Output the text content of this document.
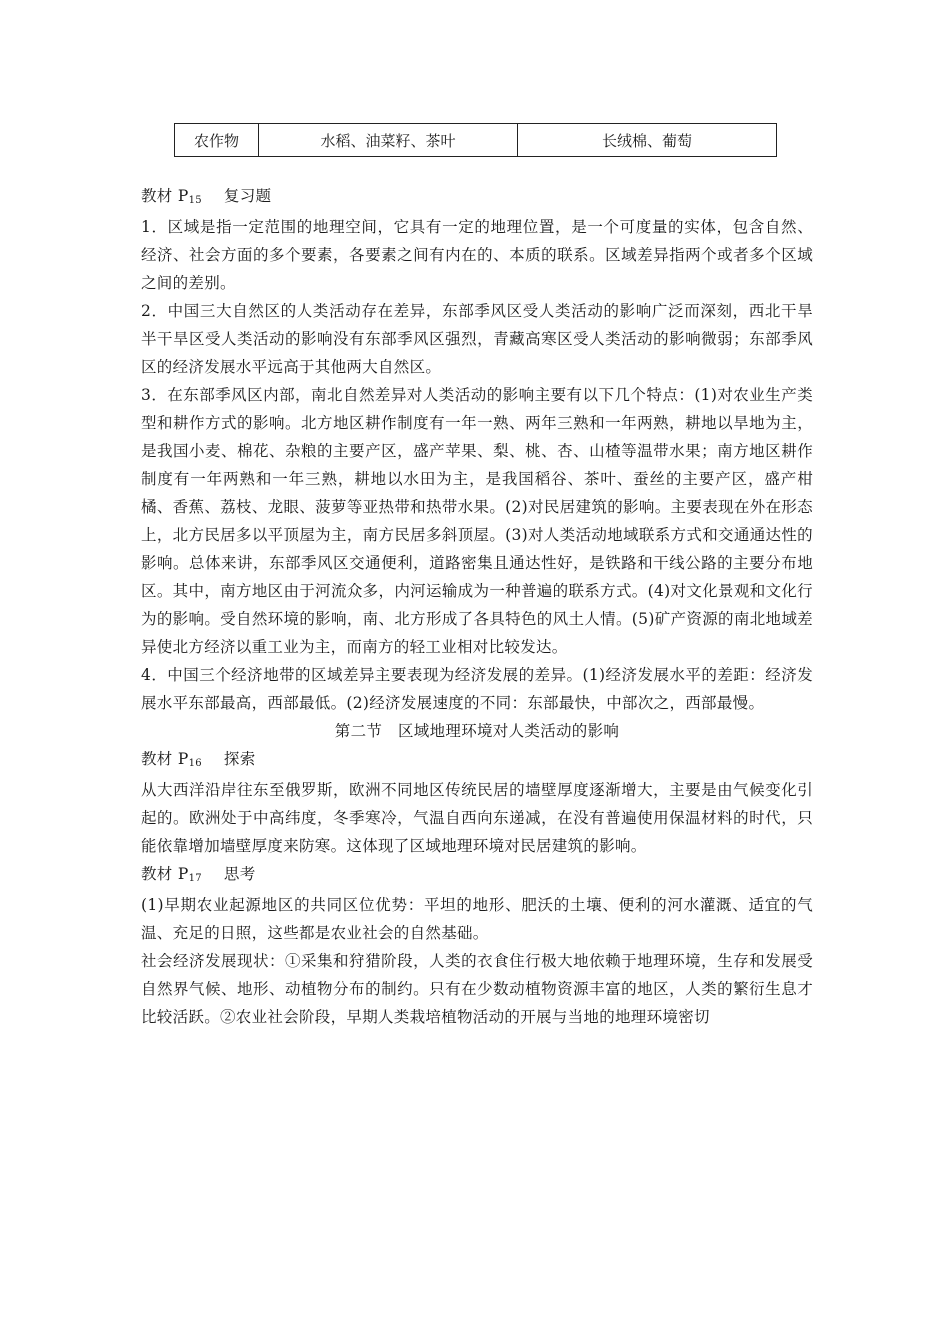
农作物	水稻、油菜籽、茶叶	长绒棉、葡萄

教材 P15 复习题

1．区域是指一定范围的地理空间，它具有一定的地理位置，是一个可度量的实体，包含自然、经济、社会方面的多个要素，各要素之间有内在的、本质的联系。区域差异指两个或者多个区域之间的差别。

2．中国三大自然区的人类活动存在差异，东部季风区受人类活动的影响广泛而深刻，西北干旱半干旱区受人类活动的影响没有东部季风区强烈，青藏高寒区受人类活动的影响微弱；东部季风区的经济发展水平远高于其他两大自然区。

3．在东部季风区内部，南北自然差异对人类活动的影响主要有以下几个特点：(1)对农业生产类型和耕作方式的影响。北方地区耕作制度有一年一熟、两年三熟和一年两熟，耕地以旱地为主，是我国小麦、棉花、杂粮的主要产区，盛产苹果、梨、桃、杏、山楂等温带水果；南方地区耕作制度有一年两熟和一年三熟，耕地以水田为主，是我国稻谷、茶叶、蚕丝的主要产区，盛产柑橘、香蕉、荔枝、龙眼、菠萝等亚热带和热带水果。(2)对民居建筑的影响。主要表现在外在形态上，北方民居多以平顶屋为主，南方民居多斜顶屋。(3)对人类活动地域联系方式和交通通达性的影响。总体来讲，东部季风区交通便利，道路密集且通达性好，是铁路和干线公路的主要分布地区。其中，南方地区由于河流众多，内河运输成为一种普遍的联系方式。(4)对文化景观和文化行为的影响。受自然环境的影响，南、北方形成了各具特色的风土人情。(5)矿产资源的南北地域差异使北方经济以重工业为主，而南方的轻工业相对比较发达。

4．中国三个经济地带的区域差异主要表现为经济发展的差异。(1)经济发展水平的差距：经济发展水平东部最高，西部最低。(2)经济发展速度的不同：东部最快，中部次之，西部最慢。

第二节　区域地理环境对人类活动的影响

教材 P16 探索

从大西洋沿岸往东至俄罗斯，欧洲不同地区传统民居的墙壁厚度逐渐增大，主要是由气候变化引起的。欧洲处于中高纬度，冬季寒冷，气温自西向东递减，在没有普遍使用保温材料的时代，只能依靠增加墙壁厚度来防寒。这体现了区域地理环境对民居建筑的影响。

教材 P17 思考

(1)早期农业起源地区的共同区位优势：平坦的地形、肥沃的土壤、便利的河水灌溉、适宜的气温、充足的日照，这些都是农业社会的自然基础。

社会经济发展现状：①采集和狩猎阶段，人类的衣食住行极大地依赖于地理环境，生存和发展受自然界气候、地形、动植物分布的制约。只有在少数动植物资源丰富的地区，人类的繁衍生息才比较活跃。②农业社会阶段，早期人类栽培植物活动的开展与当地的地理环境密切
